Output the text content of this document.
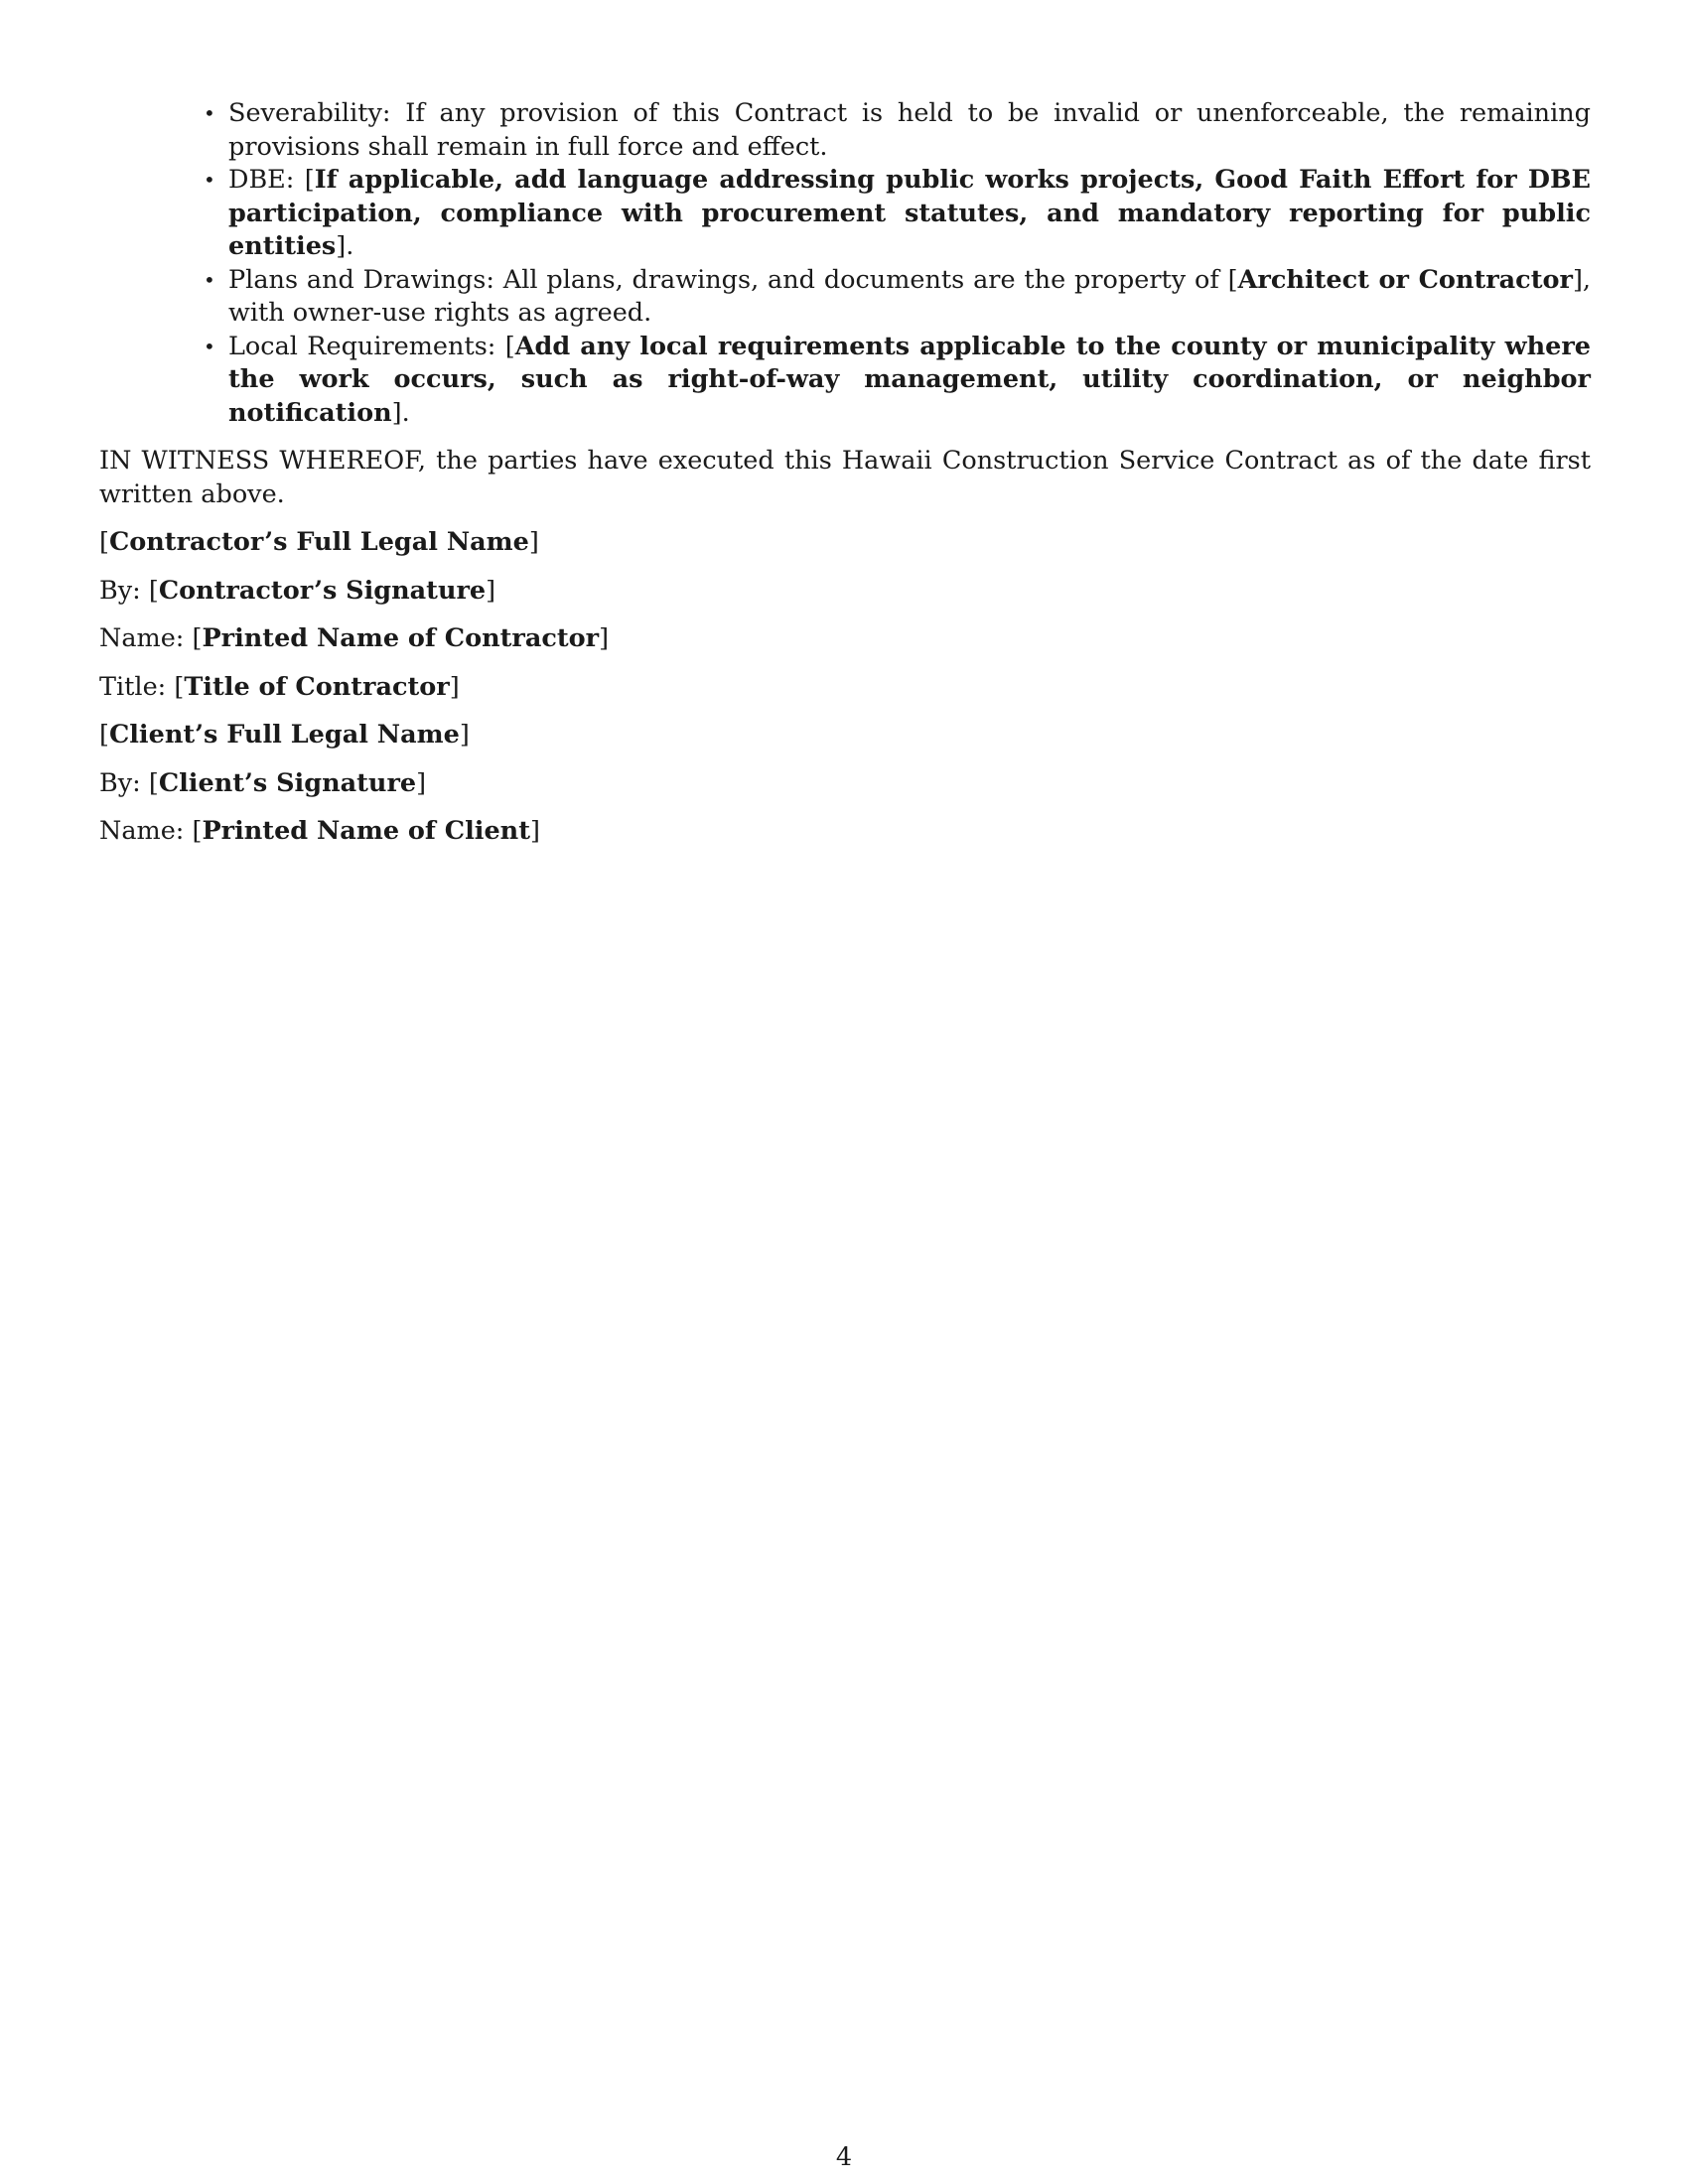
• Severability: If any provision of this Contract is held to be invalid or unenforceable, the remaining provisions shall remain in full force and effect.
• DBE: [If applicable, add language addressing public works projects, Good Faith Effort for DBE participation, compliance with procurement statutes, and mandatory reporting for public entities].
• Plans and Drawings: All plans, drawings, and documents are the property of [Architect or Contractor], with owner-use rights as agreed.
• Local Requirements: [Add any local requirements applicable to the county or municipality where the work occurs, such as right-of-way management, utility coordination, or neighbor notification].

IN WITNESS WHEREOF, the parties have executed this Hawaii Construction Service Contract as of the date first written above.

[Contractor’s Full Legal Name]

By: [Contractor’s Signature]

Name: [Printed Name of Contractor]

Title: [Title of Contractor]

[Client’s Full Legal Name]

By: [Client’s Signature]

Name: [Printed Name of Client]

4
